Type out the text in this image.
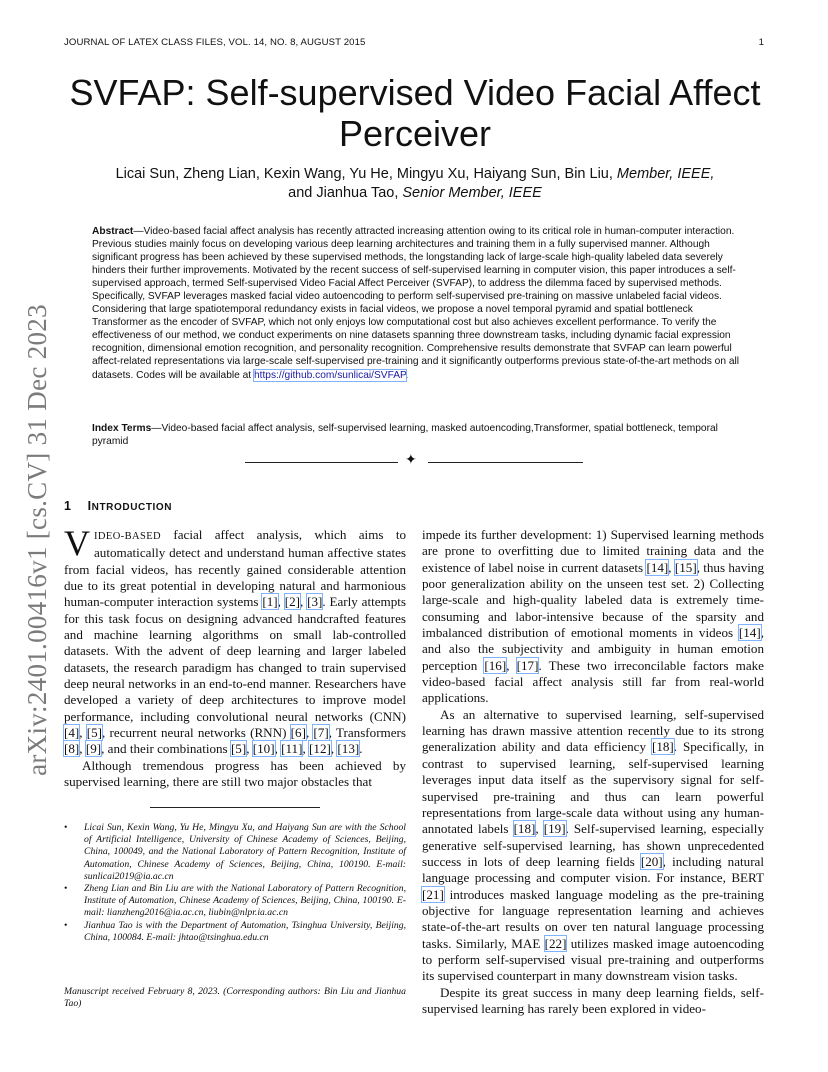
JOURNAL OF LATEX CLASS FILES, VOL. 14, NO. 8, AUGUST 2015	1
SVFAP: Self-supervised Video Facial Affect Perceiver
Licai Sun, Zheng Lian, Kexin Wang, Yu He, Mingyu Xu, Haiyang Sun, Bin Liu, Member, IEEE,
and Jianhua Tao, Senior Member, IEEE
Abstract—Video-based facial affect analysis has recently attracted increasing attention owing to its critical role in human-computer interaction. Previous studies mainly focus on developing various deep learning architectures and training them in a fully supervised manner. Although significant progress has been achieved by these supervised methods, the longstanding lack of large-scale high-quality labeled data severely hinders their further improvements. Motivated by the recent success of self-supervised learning in computer vision, this paper introduces a self-supervised approach, termed Self-supervised Video Facial Affect Perceiver (SVFAP), to address the dilemma faced by supervised methods. Specifically, SVFAP leverages masked facial video autoencoding to perform self-supervised pre-training on massive unlabeled facial videos. Considering that large spatiotemporal redundancy exists in facial videos, we propose a novel temporal pyramid and spatial bottleneck Transformer as the encoder of SVFAP, which not only enjoys low computational cost but also achieves excellent performance. To verify the effectiveness of our method, we conduct experiments on nine datasets spanning three downstream tasks, including dynamic facial expression recognition, dimensional emotion recognition, and personality recognition. Comprehensive results demonstrate that SVFAP can learn powerful affect-related representations via large-scale self-supervised pre-training and it significantly outperforms previous state-of-the-art methods on all datasets. Codes will be available at https://github.com/sunlicai/SVFAP.
Index Terms—Video-based facial affect analysis, self-supervised learning, masked autoencoding,Transformer, spatial bottleneck, temporal pyramid
✦
arXiv:2401.00416v1 [cs.CV] 31 Dec 2023 1 INTRODUCTION

VIDEO-BASED facial affect analysis, which aims to automatically detect and understand human affective states from facial videos, has recently gained considerable attention due to its great potential in developing natural and harmonious human-computer interaction systems [1], [2], [3]. Early attempts for this task focus on designing advanced handcrafted features and machine learning algorithms on small lab-controlled datasets. With the advent of deep learning and larger labeled datasets, the research paradigm has changed to train supervised deep neural networks in an end-to-end manner. Researchers have developed a variety of deep architectures to improve model performance, including convolutional neural networks (CNN) [4], [5], recurrent neural networks (RNN) [6], [7], Transformers [8], [9], and their combinations [5], [10], [11], [12], [13].

Although tremendous progress has been achieved by supervised learning, there are still two major obstacles that

• Licai Sun, Kexin Wang, Yu He, Mingyu Xu, and Haiyang Sun are with the School of Artificial Intelligence, University of Chinese Academy of Sciences, Beijing, China, 100049, and the National Laboratory of Pattern Recognition, Institute of Automation, Chinese Academy of Sciences, Beijing, China, 100190. E-mail: sunlicai2019@ia.ac.cn
• Zheng Lian and Bin Liu are with the National Laboratory of Pattern Recognition, Institute of Automation, Chinese Academy of Sciences, Beijing, China, 100190. E-mail: lianzheng2016@ia.ac.cn, liubin@nlpr.ia.ac.cn
• Jianhua Tao is with the Department of Automation, Tsinghua University, Beijing, China, 100084. E-mail: jhtao@tsinghua.edu.cn
Manuscript received February 8, 2023. (Corresponding authors: Bin Liu and Jianhua Tao)

impede its further development: 1) Supervised learning methods are prone to overfitting due to limited training data and the existence of label noise in current datasets [14], [15], thus having poor generalization ability on the unseen test set. 2) Collecting large-scale and high-quality labeled data is extremely time-consuming and labor-intensive because of the sparsity and imbalanced distribution of emotional moments in videos [14], and also the subjectivity and ambiguity in human emotion perception [16], [17]. These two irreconcilable factors make video-based facial affect analysis still far from real-world applications.

As an alternative to supervised learning, self-supervised learning has drawn massive attention recently due to its strong generalization ability and data efficiency [18]. Specifically, in contrast to supervised learning, self-supervised learning leverages input data itself as the supervisory signal for self-supervised pre-training and thus can learn powerful representations from large-scale data without using any human-annotated labels [18], [19]. Self-supervised learning, especially generative self-supervised learning, has shown unprecedented success in lots of deep learning fields [20], including natural language processing and computer vision. For instance, BERT [21] introduces masked language modeling as the pre-training objective for language representation learning and achieves state-of-the-art results on over ten natural language processing tasks. Similarly, MAE [22] utilizes masked image autoencoding to perform self-supervised visual pre-training and outperforms its supervised counterpart in many downstream vision tasks.

Despite its great success in many deep learning fields, self-supervised learning has rarely been explored in video-
